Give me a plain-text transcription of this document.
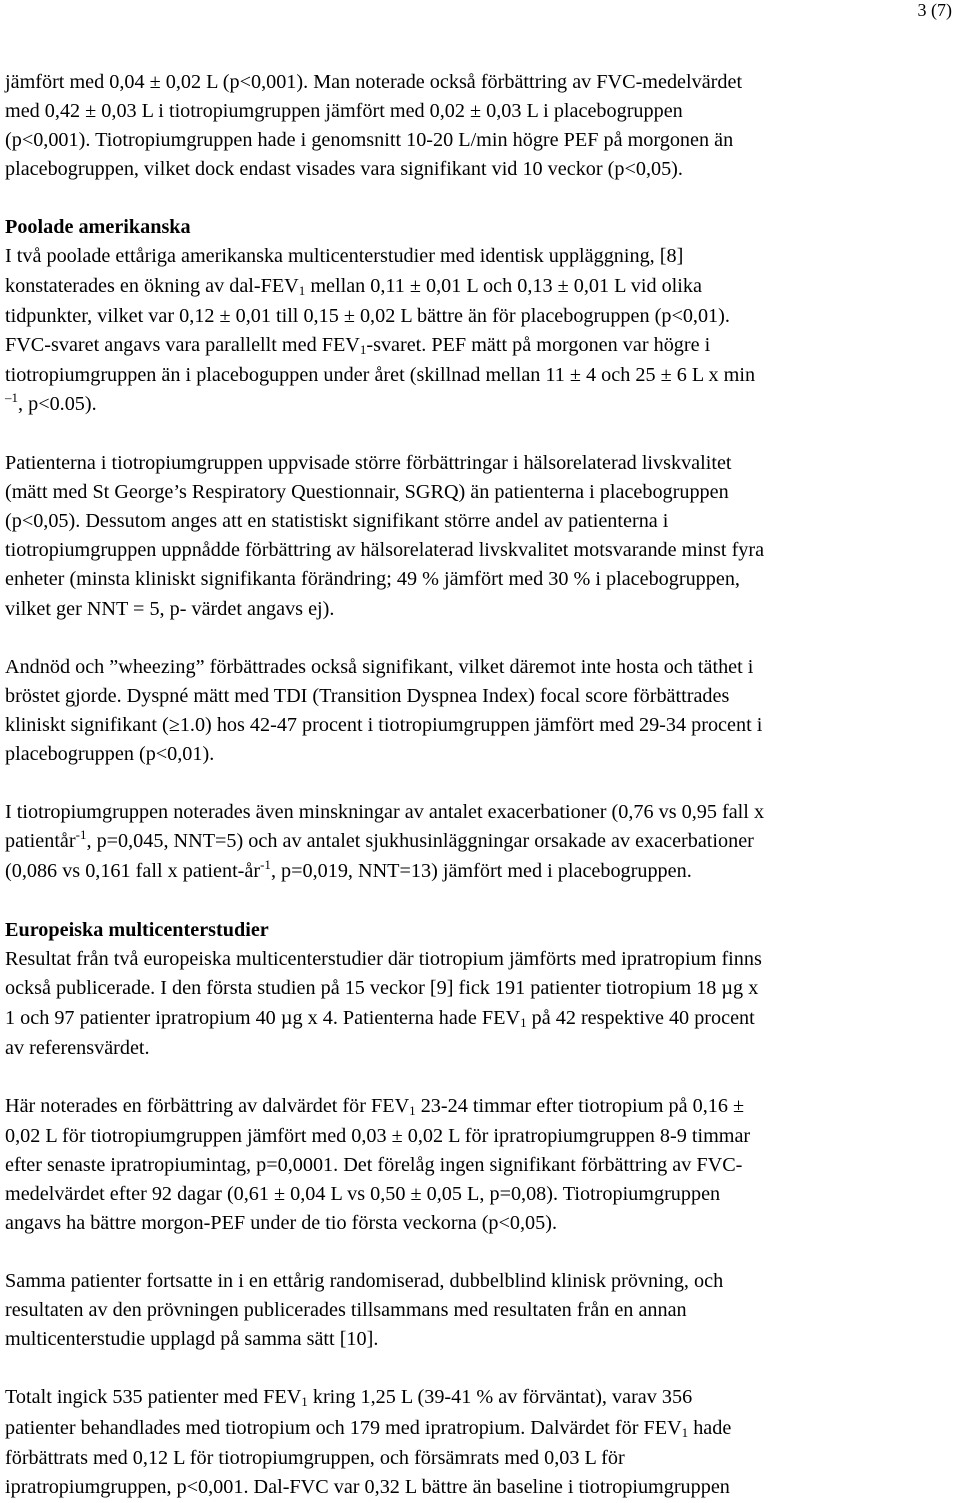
3 (7)

jämfört med 0,04 ± 0,02 L (p<0,001). Man noterade också förbättring av FVC-medelvärdet
med 0,42 ± 0,03 L i tiotropiumgruppen jämfört med 0,02 ± 0,03 L i placebogruppen
(p<0,001). Tiotropiumgruppen hade i genomsnitt 10-20 L/min högre PEF på morgonen än
placebogruppen, vilket dock endast visades vara signifikant vid 10 veckor (p<0,05).

Poolade amerikanska
I två poolade ettåriga amerikanska multicenterstudier med identisk uppläggning, [8]
konstaterades en ökning av dal-FEV1 mellan 0,11 ± 0,01 L och 0,13 ± 0,01 L vid olika
tidpunkter, vilket var 0,12 ± 0,01 till 0,15 ± 0,02 L bättre än för placebogruppen (p<0,01).
FVC-svaret angavs vara parallellt med FEV1-svaret. PEF mätt på morgonen var högre i
tiotropiumgruppen än i placeboguppen under året (skillnad mellan 11 ± 4 och 25 ± 6 L x min
$^{-1}$, p<0.05).

Patienterna i tiotropiumgruppen uppvisade större förbättringar i hälsorelaterad livskvalitet
(mätt med St George’s Respiratory Questionnair, SGRQ) än patienterna i placebogruppen
(p<0,05). Dessutom anges att en statistiskt signifikant större andel av patienterna i
tiotropiumgruppen uppnådde förbättring av hälsorelaterad livskvalitet motsvarande minst fyra
enheter (minsta kliniskt signifikanta förändring; 49 % jämfört med 30 % i placebogruppen,
vilket ger NNT = 5, p- värdet angavs ej).

Andnöd och ”wheezing” förbättrades också signifikant, vilket däremot inte hosta och täthet i
bröstet gjorde. Dyspné mätt med TDI (Transition Dyspnea Index) focal score förbättrades
kliniskt signifikant (≥1.0) hos 42-47 procent i tiotropiumgruppen jämfört med 29-34 procent i
placebogruppen (p<0,01).

I tiotropiumgruppen noterades även minskningar av antalet exacerbationer (0,76 vs 0,95 fall x
patientår$^{-1}$, p=0,045, NNT=5) och av antalet sjukhusinläggningar orsakade av exacerbationer
(0,086 vs 0,161 fall x patient-$år^{-1}$, p=0,019, NNT=13) jämfört med i placebogruppen.

Europeiska multicenterstudier
Resultat från två europeiska multicenterstudier där tiotropium jämförts med ipratropium finns
också publicerade. I den första studien på 15 veckor [9] fick 191 patienter tiotropium 18 µg x
1 och 97 patienter ipratropium 40 µg x 4. Patienterna hade FEV1 på 42 respektive 40 procent
av referensvärdet.

Här noterades en förbättring av dalvärdet för FEV1 23-24 timmar efter tiotropium på 0,16 ±
0,02 L för tiotropiumgruppen jämfört med 0,03 ± 0,02 L för ipratropiumgruppen 8-9 timmar
efter senaste ipratropiumintag, p=0,0001. Det förelåg ingen signifikant förbättring av FVC-
medelvärdet efter 92 dagar (0,61 ± 0,04 L vs 0,50 ± 0,05 L, p=0,08). Tiotropiumgruppen
angavs ha bättre morgon-PEF under de tio första veckorna (p<0,05).

Samma patienter fortsatte in i en ettårig randomiserad, dubbelblind klinisk prövning, och
resultaten av den prövningen publicerades tillsammans med resultaten från en annan
multicenterstudie upplagd på samma sätt [10].

Totalt ingick 535 patienter med FEV1 kring 1,25 L (39-41 % av förväntat), varav 356
patienter behandlades med tiotropium och 179 med ipratropium. Dalvärdet för FEV1 hade
förbättrats med 0,12 L för tiotropiumgruppen, och försämrats med 0,03 L för
ipratropiumgruppen, p<0,001. Dal-FVC var 0,32 L bättre än baseline i tiotropiumgruppen
